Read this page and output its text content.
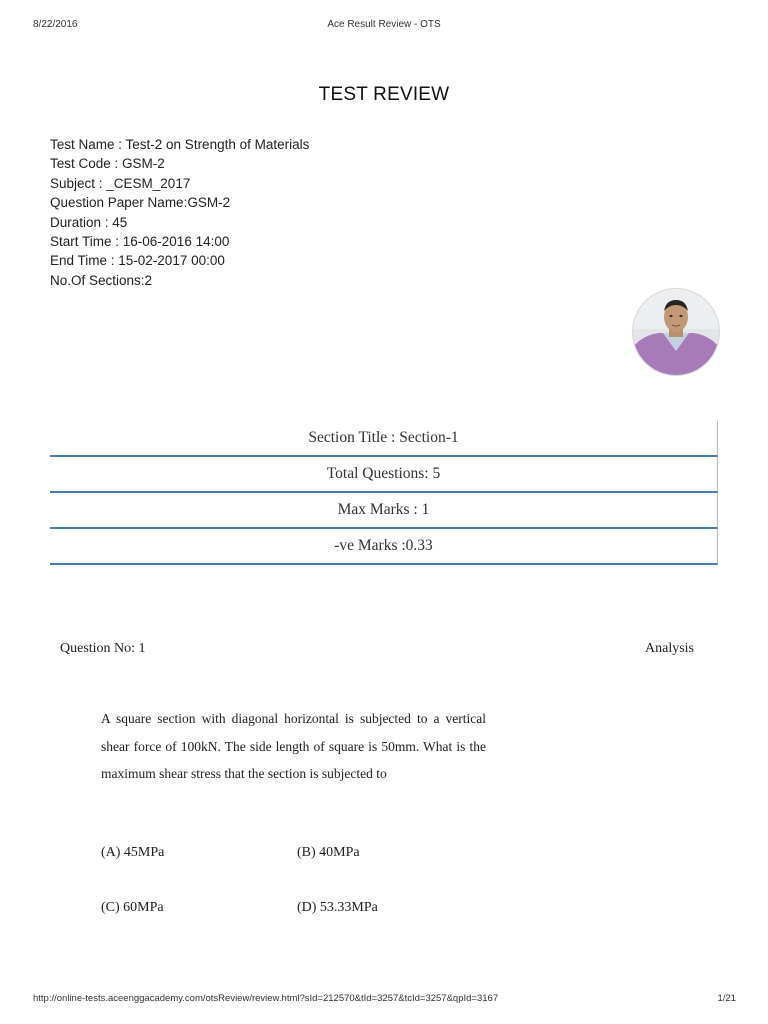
8/22/2016	Ace Result Review - OTS
TEST REVIEW
Test Name : Test-2 on Strength of Materials
Test Code : GSM-2
Subject : _CESM_2017
Question Paper Name:GSM-2
Duration : 45
Start Time : 16-06-2016 14:00
End Time : 15-02-2017 00:00
No.Of Sections:2
Section Title : Section-1
Total Questions: 5
Max Marks : 1
-ve Marks :0.33
Question No: 1	Analysis
A square section with diagonal horizontal is subjected to a vertical shear force of 100kN. The side length of square is 50mm. What is the maximum shear stress that the section is subjected to
(A) 45MPa	(B) 40MPa
(C) 60MPa	(D) 53.33MPa
http://online-tests.aceenggacademy.com/otsReview/review.html?sId=212570&tId=3257&tcId=3257&qpId=3167	1/21
